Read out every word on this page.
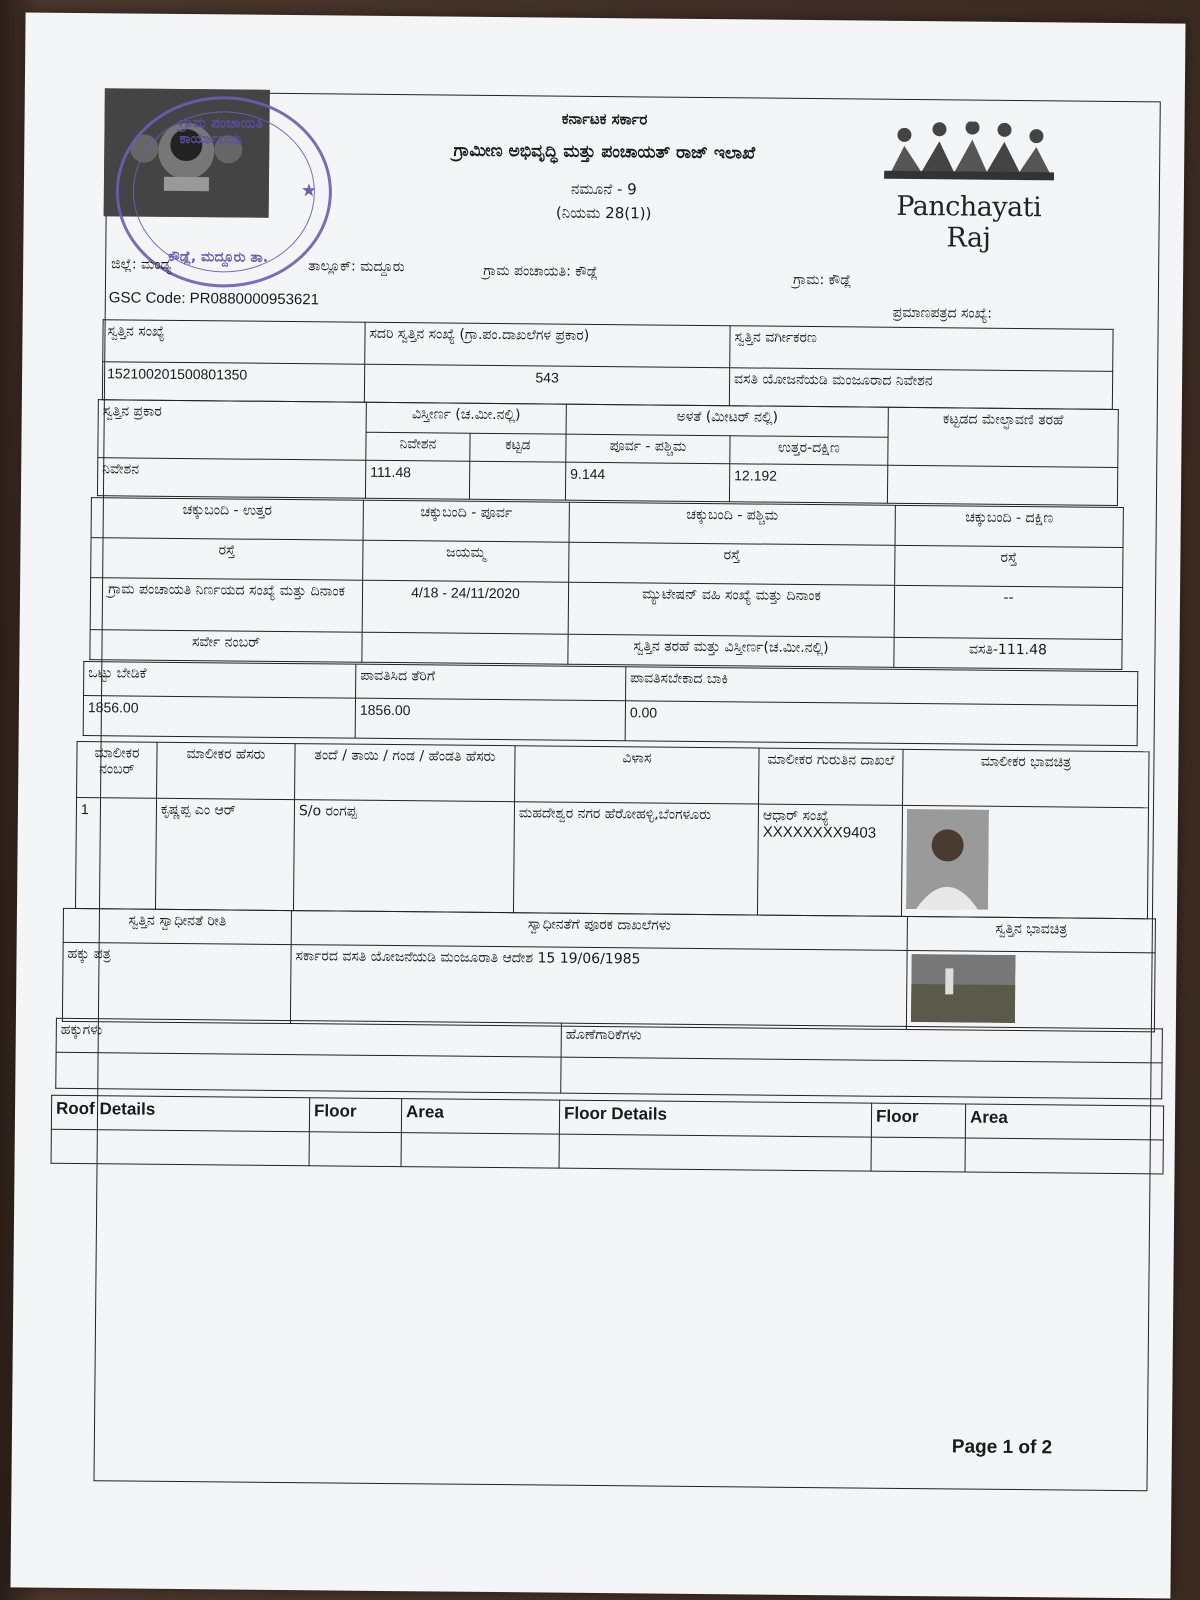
ಗ್ರಾಮ ಪಂಚಾಯತಿ ಕಾರ್ಯಾಲಯ
ಕೌಡ್ಲೆ, ಮದ್ದೂರು ತಾ.
★
ಕರ್ನಾಟಕ ಸರ್ಕಾರ
ಗ್ರಾಮೀಣ ಅಭಿವೃದ್ಧಿ ಮತ್ತು ಪಂಚಾಯತ್ ರಾಜ್ ಇಲಾಖೆ
ನಮೂನೆ - 9
(ನಿಯಮ 28(1))	Panchayati Raj
ಜಿಲ್ಲೆ: ಮಂಡ್ಯ	ತಾಲ್ಲೂಕ್: ಮದ್ದೂರು	ಗ್ರಾಮ ಪಂಚಾಯತಿ: ಕೌಡ್ಲೆ
ಗ್ರಾಮ: ಕೌಡ್ಲೆ
GSC Code: PR0880000953621
ಪ್ರಮಾಣಪತ್ರದ ಸಂಖ್ಯೆ:
ಸ್ವತ್ತಿನ ಸಂಖ್ಯೆ	ಸದರಿ ಸ್ವತ್ತಿನ ಸಂಖ್ಯೆ (ಗ್ರಾ.ಪಂ.ದಾಖಲೆಗಳ ಪ್ರಕಾರ)	ಸ್ವತ್ತಿನ ವರ್ಗೀಕರಣ
15210020150080135​0	543	ವಸತಿ ಯೋಜನೆಯಡಿ ಮಂಜೂರಾದ ನಿವೇಶನ
ಸ್ವತ್ತಿನ ಪ್ರಕಾರ	ವಿಸ್ತೀರ್ಣ (ಚ.ಮೀ.ನಲ್ಲಿ)		ಅಳತೆ (ಮೀಟರ್ ನಲ್ಲಿ)		ಕಟ್ಟಡದ ಮೇಲ್ಛಾವಣಿ ತರಹೆ
	ನಿವೇಶನ	ಕಟ್ಟಡ	ಪೂರ್ವ - ಪಶ್ಚಿಮ	ಉತ್ತರ-ದಕ್ಷಿಣ	
ನಿವೇಶನ	111.48		9.144	12.192	
ಚಕ್ಕುಬಂದಿ - ಉತ್ತರ	ಚಕ್ಕುಬಂದಿ - ಪೂರ್ವ	ಚಕ್ಕುಬಂದಿ - ಪಶ್ಚಿಮ	ಚಕ್ಕುಬಂದಿ - ದಕ್ಷಿಣ
ರಸ್ತೆ	ಜಯಮ್ಮ	ರಸ್ತೆ	ರಸ್ತೆ
ಗ್ರಾಮ ಪಂಚಾಯತಿ ನಿರ್ಣಯದ ಸಂಖ್ಯೆ ಮತ್ತು ದಿನಾಂಕ	4/18 - 24/11/2020	ಮ್ಯುಟೇಷನ್ ವಹಿ ಸಂಖ್ಯೆ ಮತ್ತು ದಿನಾಂಕ	--
ಸರ್ವೇ ನಂಬರ್		ಸ್ವತ್ತಿನ ತರಹೆ ಮತ್ತು ವಿಸ್ತೀರ್ಣ(ಚ.ಮೀ.ನಲ್ಲಿ)	ವಸತಿ-111.48
ಒಟ್ಟು ಬೇಡಿಕೆ	ಪಾವತಿಸಿದ ತೆರಿಗೆ	ಪಾವತಿಸಬೇಕಾದ ಬಾಕಿ
1856.00	1856.00	0.00
ಮಾಲೀಕರ ನಂಬರ್	ಮಾಲೀಕರ ಹೆಸರು	ತಂದೆ / ತಾಯಿ / ಗಂಡ / ಹೆಂಡತಿ ಹೆಸರು	ವಿಳಾಸ	ಮಾಲೀಕರ ಗುರುತಿನ ದಾಖಲೆ	ಮಾಲೀಕರ ಭಾವಚಿತ್ರ
1	ಕೃಷ್ಣಪ್ಪ ಎಂ ಆರ್	S/o ರಂಗಪ್ಪ	ಮಹದೇಶ್ವರ ನಗರ ಹೆರೋಹಳ್ಳಿ,ಬೆಂಗಳೂರು	ಆಧಾರ್ ಸಂಖ್ಯೆ
XXXXXXXX9403

ಸ್ವತ್ತಿನ ಸ್ವಾಧೀನತೆ ರೀತಿ	ಸ್ವಾಧೀನತೆಗೆ ಪೂರಕ ದಾಖಲೆಗಳು	ಸ್ವತ್ತಿನ ಭಾವಚಿತ್ರ
ಹಕ್ಕು ಪತ್ರ	ಸರ್ಕಾರದ ವಸತಿ ಯೋಜನೆಯಡಿ ಮಂಜೂರಾತಿ ಆದೇಶ 15 19/06/1985	
ಹಕ್ಕುಗಳು	ಹೊಣೆಗಾರಿಕೆಗಳು

Roof Details	Floor	Area	Floor Details	Floor	Area

Page 1 of 2
